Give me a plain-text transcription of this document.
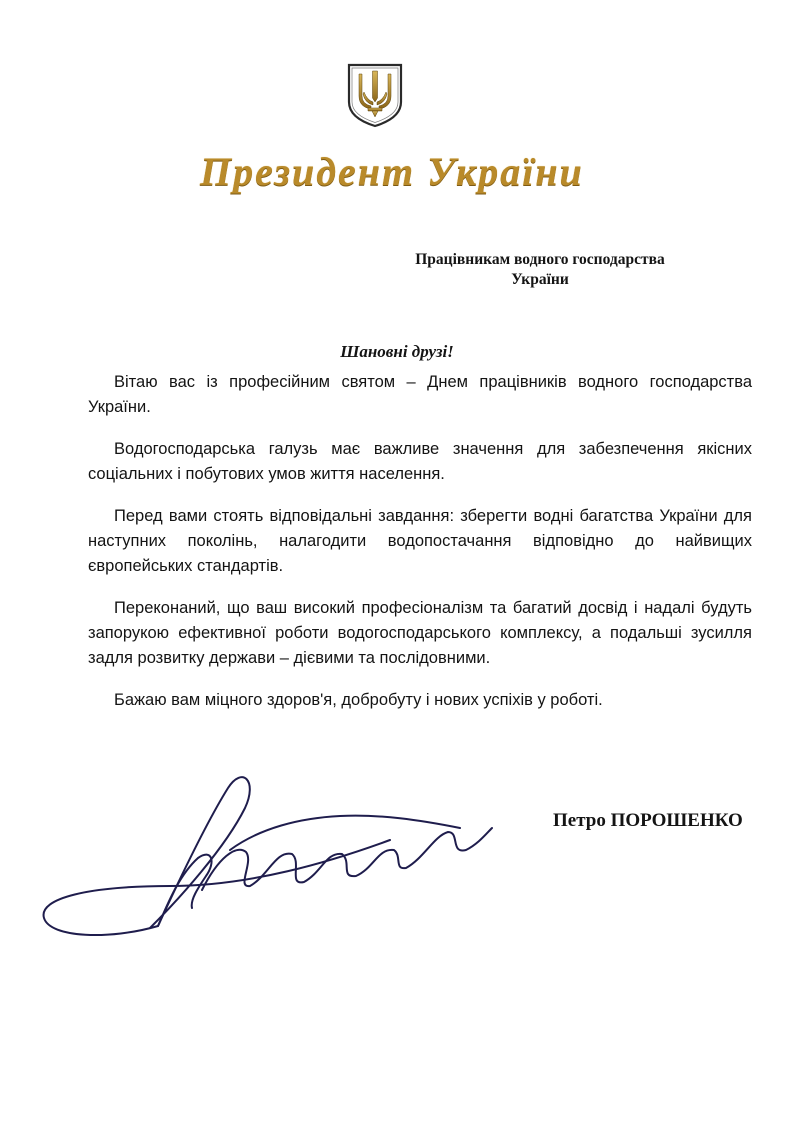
Президент України
Працівникам водного господарства
України
Шановні друзі!

Вітаю вас із професійним святом – Днем працівників водного господарства України.

Водогосподарська галузь має важливе значення для забезпечення якісних соціальних і побутових умов життя населення.

Перед вами стоять відповідальні завдання: зберегти водні багатства України для наступних поколінь, налагодити водопостачання відповідно до найвищих європейських стандартів.

Переконаний, що ваш високий професіоналізм та багатий досвід і надалі будуть запорукою ефективної роботи водогосподарського комплексу, а подальші зусилля задля розвитку держави – дієвими та послідовними.

Бажаю вам міцного здоров'я, добробуту і нових успіхів у роботі.

Петро ПОРОШЕНКО
